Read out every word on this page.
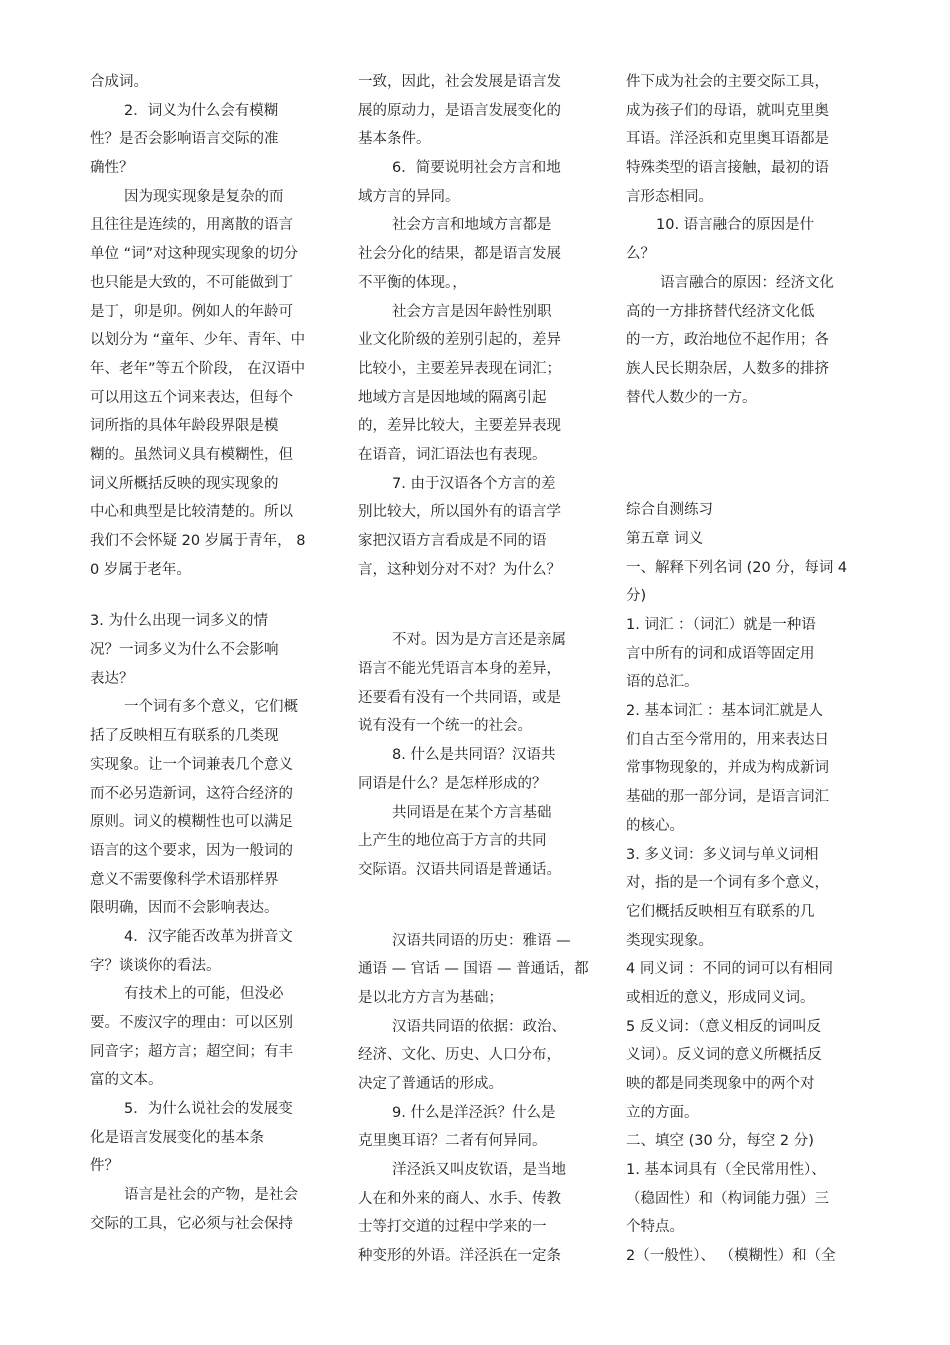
合成词。
2．词义为什么会有模糊
性？是否会影响语言交际的准
确性？
因为现实现象是复杂的而
且往往是连续的，用离散的语言
单位 “词”对这种现实现象的切分
也只能是大致的，不可能做到丁
是丁，卯是卯。例如人的年龄可
以划分为 “童年、少年、青年、中
年、老年”等五个阶段， 在汉语中
可以用这五个词来表达，但每个
词所指的具体年龄段界限是模
糊的。虽然词义具有模糊性，但
词义所概括反映的现实现象的
中心和典型是比较清楚的。所以
我们不会怀疑 20 岁属于青年， 8
0 岁属于老年。
3. 为什么出现一词多义的情
况？一词多义为什么不会影响
表达？
一个词有多个意义，它们概
括了反映相互有联系的几类现
实现象。让一个词兼表几个意义
而不必另造新词，这符合经济的
原则。词义的模糊性也可以满足
语言的这个要求，因为一般词的
意义不需要像科学术语那样界
限明确，因而不会影响表达。
4．汉字能否改革为拼音文
字？谈谈你的看法。
有技术上的可能，但没必
要。不废汉字的理由：可以区别
同音字；超方言；超空间；有丰
富的文本。
5．为什么说社会的发展变
化是语言发展变化的基本条
件？
语言是社会的产物，是社会
交际的工具，它必须与社会保持
一致，因此，社会发展是语言发
展的原动力，是语言发展变化的
基本条件。
6．简要说明社会方言和地
域方言的异同。
社会方言和地域方言都是
社会分化的结果，都是语言发展
不平衡的体现。，
社会方言是因年龄性别职
业文化阶级的差别引起的，差异
比较小，主要差异表现在词汇；
地域方言是因地域的隔离引起
的，差异比较大，主要差异表现
在语音，词汇语法也有表现。
7. 由于汉语各个方言的差
别比较大，所以国外有的语言学
家把汉语方言看成是不同的语
言，这种划分对不对？为什么？
不对。因为是方言还是亲属
语言不能光凭语言本身的差异，
还要看有没有一个共同语，或是
说有没有一个统一的社会。
8. 什么是共同语？汉语共
同语是什么？是怎样形成的？
共同语是在某个方言基础
上产生的地位高于方言的共同
交际语。汉语共同语是普通话。
汉语共同语的历史：雅语 —
通语 — 官话 — 国语 — 普通话，都
是以北方方言为基础；
汉语共同语的依据：政治、
经济、文化、历史、人口分布，
决定了普通话的形成。
9. 什么是洋泾浜？什么是
克里奥耳语？二者有何异同。
洋泾浜又叫皮钦语，是当地
人在和外来的商人、水手、传教
士等打交道的过程中学来的一
种变形的外语。洋泾浜在一定条
件下成为社会的主要交际工具，
成为孩子们的母语，就叫克里奥
耳语。洋泾浜和克里奥耳语都是
特殊类型的语言接触，最初的语
言形态相同。
10. 语言融合的原因是什
么？
语言融合的原因：经济文化
高的一方排挤替代经济文化低
的一方，政治地位不起作用；各
族人民长期杂居，人数多的排挤
替代人数少的一方。
综合自测练习
第五章 词义
一、解释下列名词 (20 分，每词 4
分)
1. 词汇 ：（词汇）就是一种语
言中所有的词和成语等固定用
语的总汇。
2. 基本词汇 ：基本词汇就是人
们自古至今常用的，用来表达日
常事物现象的，并成为构成新词
基础的那一部分词，是语言词汇
的核心。
3. 多义词：多义词与单义词相
对，指的是一个词有多个意义，
它们概括反映相互有联系的几
类现实现象。
4 同义词 ：不同的词可以有相同
或相近的意义，形成同义词。
5 反义词：（意义相反的词叫反
义词）。反义词的意义所概括反
映的都是同类现象中的两个对
立的方面。
二、填空 (30 分，每空 2 分)
1. 基本词具有（全民常用性）、
（稳固性）和（构词能力强）三
个特点。
2（一般性）、 （模糊性）和（全
